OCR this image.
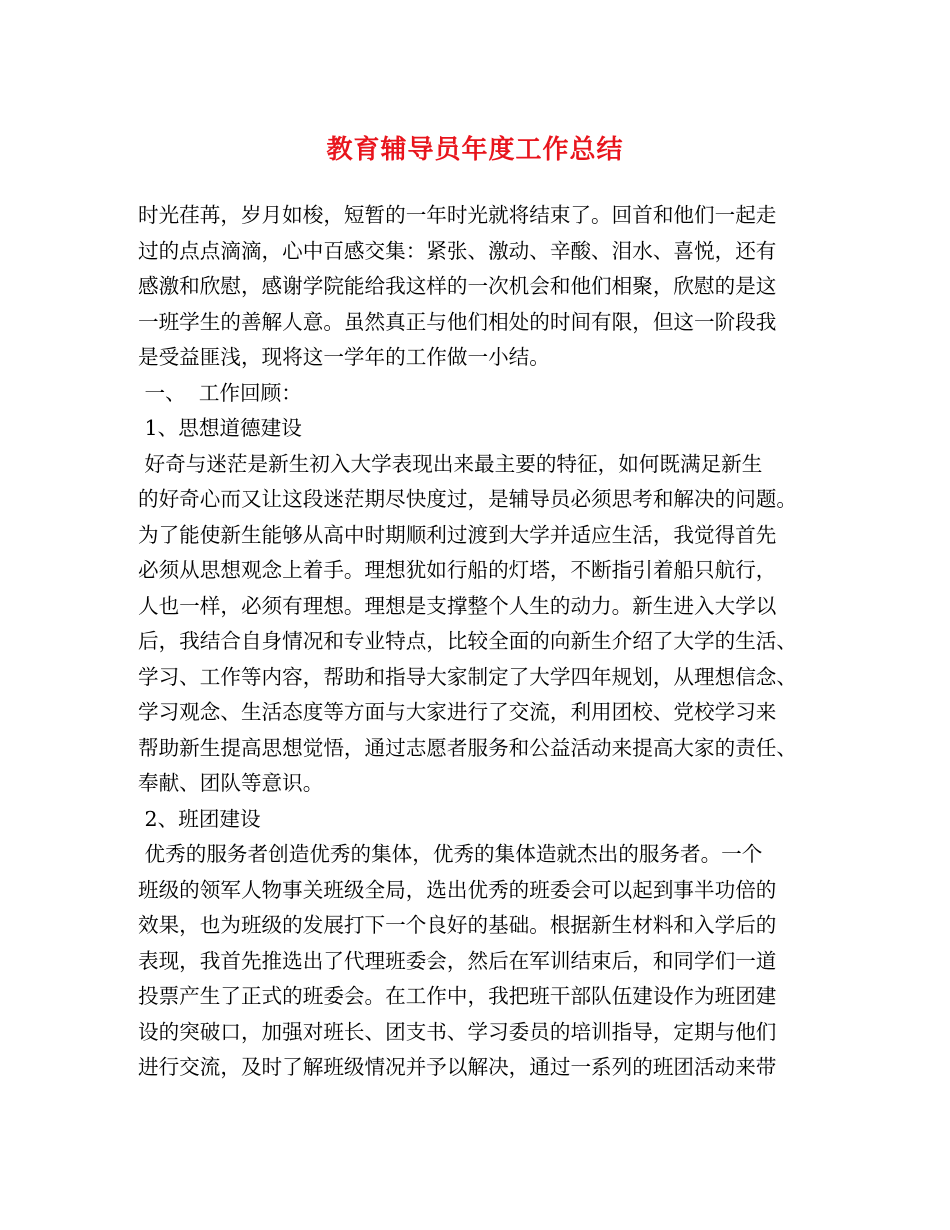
教育辅导员年度工作总结
时光荏苒，岁月如梭，短暂的一年时光就将结束了。回首和他们一起走
过的点点滴滴，心中百感交集：紧张、激动、辛酸、泪水、喜悦，还有
感激和欣慰，感谢学院能给我这样的一次机会和他们相聚，欣慰的是这
一班学生的善解人意。虽然真正与他们相处的时间有限，但这一阶段我
是受益匪浅，现将这一学年的工作做一小结。
一、  工作回顾：
1、思想道德建设
好奇与迷茫是新生初入大学表现出来最主要的特征，如何既满足新生
的好奇心而又让这段迷茫期尽快度过，是辅导员必须思考和解决的问题。
为了能使新生能够从高中时期顺利过渡到大学并适应生活，我觉得首先
必须从思想观念上着手。理想犹如行船的灯塔，不断指引着船只航行，
人也一样，必须有理想。理想是支撑整个人生的动力。新生进入大学以
后，我结合自身情况和专业特点，比较全面的向新生介绍了大学的生活、
学习、工作等内容，帮助和指导大家制定了大学四年规划，从理想信念、
学习观念、生活态度等方面与大家进行了交流，利用团校、党校学习来
帮助新生提高思想觉悟，通过志愿者服务和公益活动来提高大家的责任、
奉献、团队等意识。
2、班团建设
优秀的服务者创造优秀的集体，优秀的集体造就杰出的服务者。一个
班级的领军人物事关班级全局，选出优秀的班委会可以起到事半功倍的
效果，也为班级的发展打下一个良好的基础。根据新生材料和入学后的
表现，我首先推选出了代理班委会，然后在军训结束后，和同学们一道
投票产生了正式的班委会。在工作中，我把班干部队伍建设作为班团建
设的突破口，加强对班长、团支书、学习委员的培训指导，定期与他们
进行交流，及时了解班级情况并予以解决，通过一系列的班团活动来带
